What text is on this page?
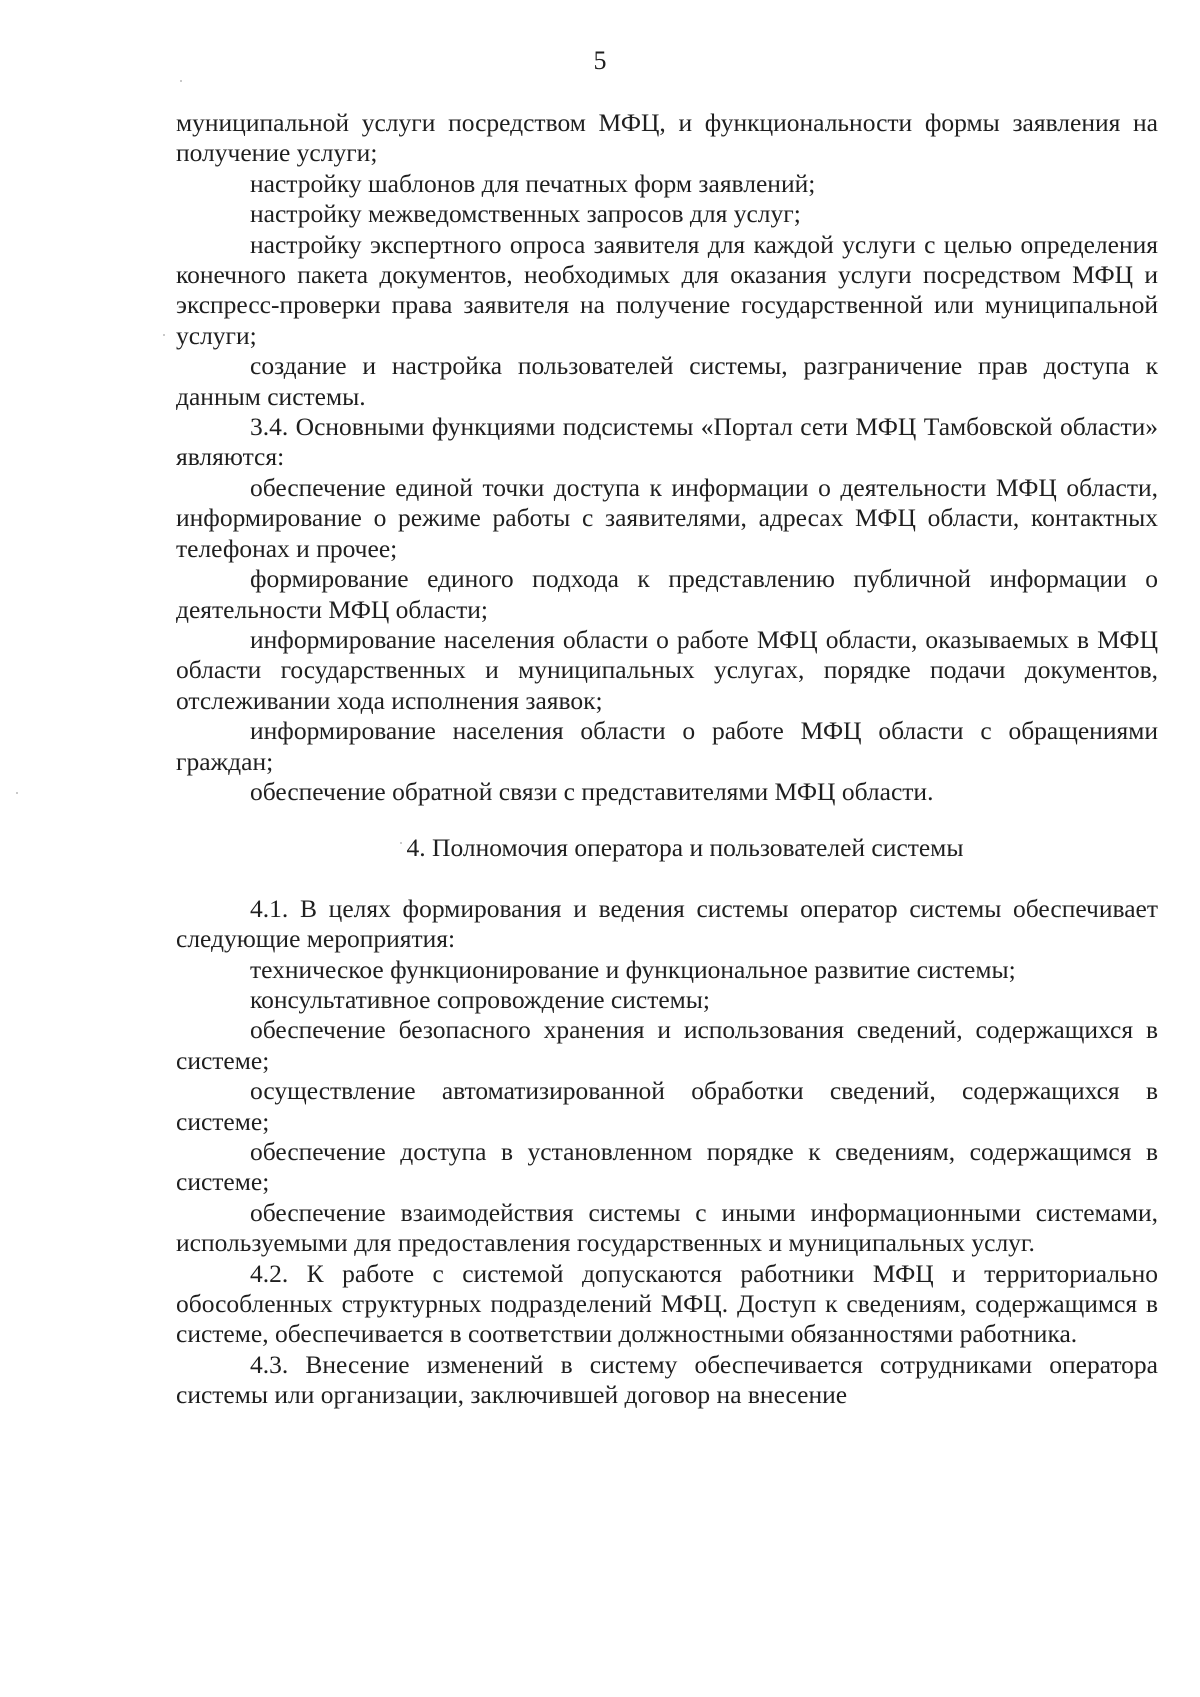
5

муниципальной услуги посредством МФЦ, и функциональности формы заявления на получение услуги;

настройку шаблонов для печатных форм заявлений;

настройку межведомственных запросов для услуг;

настройку экспертного опроса заявителя для каждой услуги с целью определения конечного пакета документов, необходимых для оказания услуги посредством МФЦ и экспресс-проверки права заявителя на получение государственной или муниципальной услуги;

создание и настройка пользователей системы, разграничение прав доступа к данным системы.

3.4. Основными функциями подсистемы «Портал сети МФЦ Тамбовской области» являются:

обеспечение единой точки доступа к информации о деятельности МФЦ области, информирование о режиме работы с заявителями, адресах МФЦ области, контактных телефонах и прочее;

формирование единого подхода к представлению публичной информации о деятельности МФЦ области;

информирование населения области о работе МФЦ области, оказываемых в МФЦ области государственных и муниципальных услугах, порядке подачи документов, отслеживании хода исполнения заявок;

информирование населения области о работе МФЦ области с обращениями граждан;

обеспечение обратной связи с представителями МФЦ области.

4. Полномочия оператора и пользователей системы

4.1. В целях формирования и ведения системы оператор системы обеспечивает следующие мероприятия:

техническое функционирование и функциональное развитие системы;

консультативное сопровождение системы;

обеспечение безопасного хранения и использования сведений, содержащихся в системе;

осуществление автоматизированной обработки сведений, содержащихся в системе;

обеспечение доступа в установленном порядке к сведениям, содержащимся в системе;

обеспечение взаимодействия системы с иными информационными системами, используемыми для предоставления государственных и муниципальных услуг.

4.2. К работе с системой допускаются работники МФЦ и территориально обособленных структурных подразделений МФЦ. Доступ к сведениям, содержащимся в системе, обеспечивается в соответствии должностными обязанностями работника.

4.3. Внесение изменений в систему обеспечивается сотрудниками оператора системы или организации, заключившей договор на внесение
